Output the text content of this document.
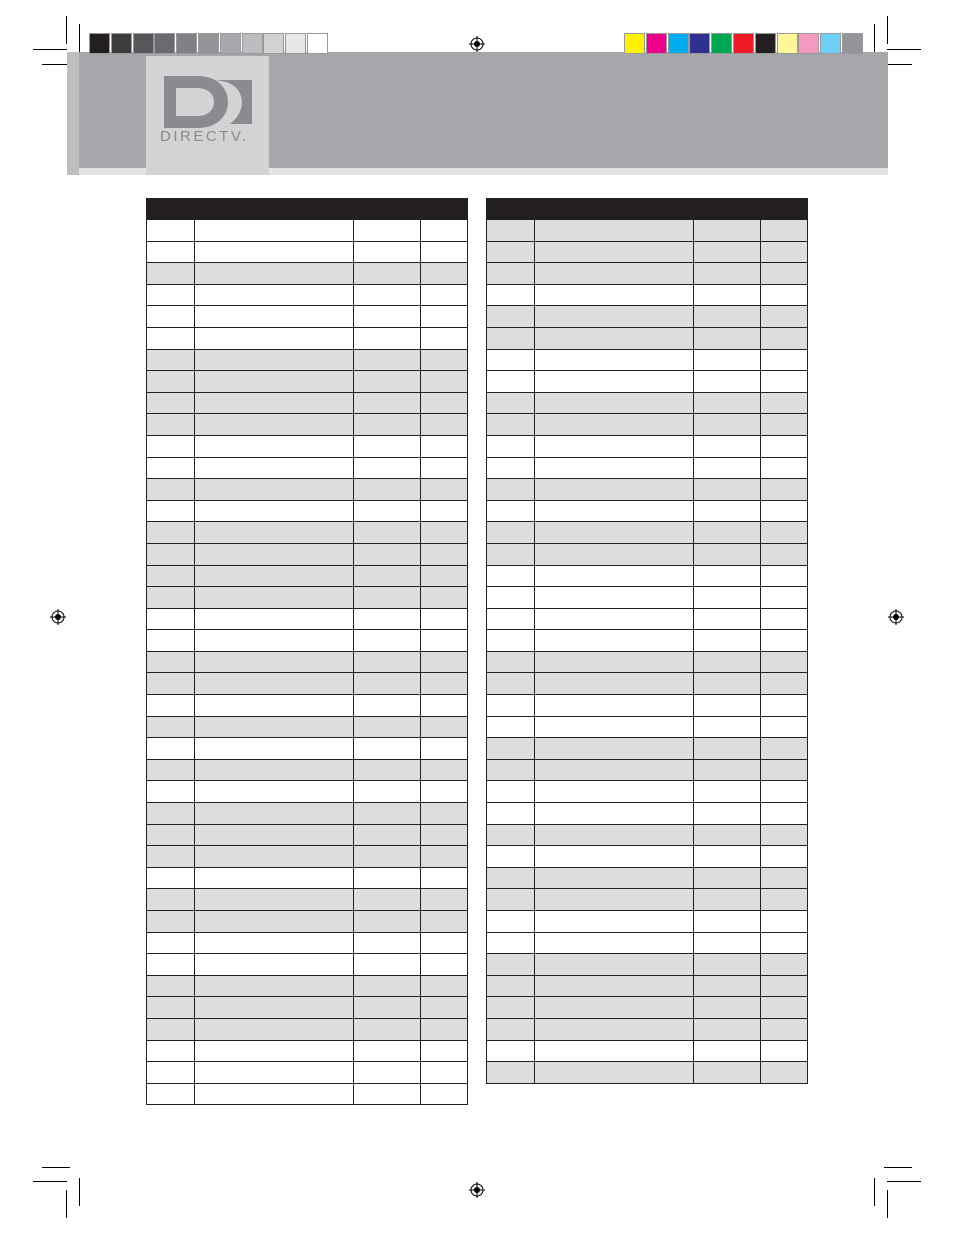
DIRECTV.
